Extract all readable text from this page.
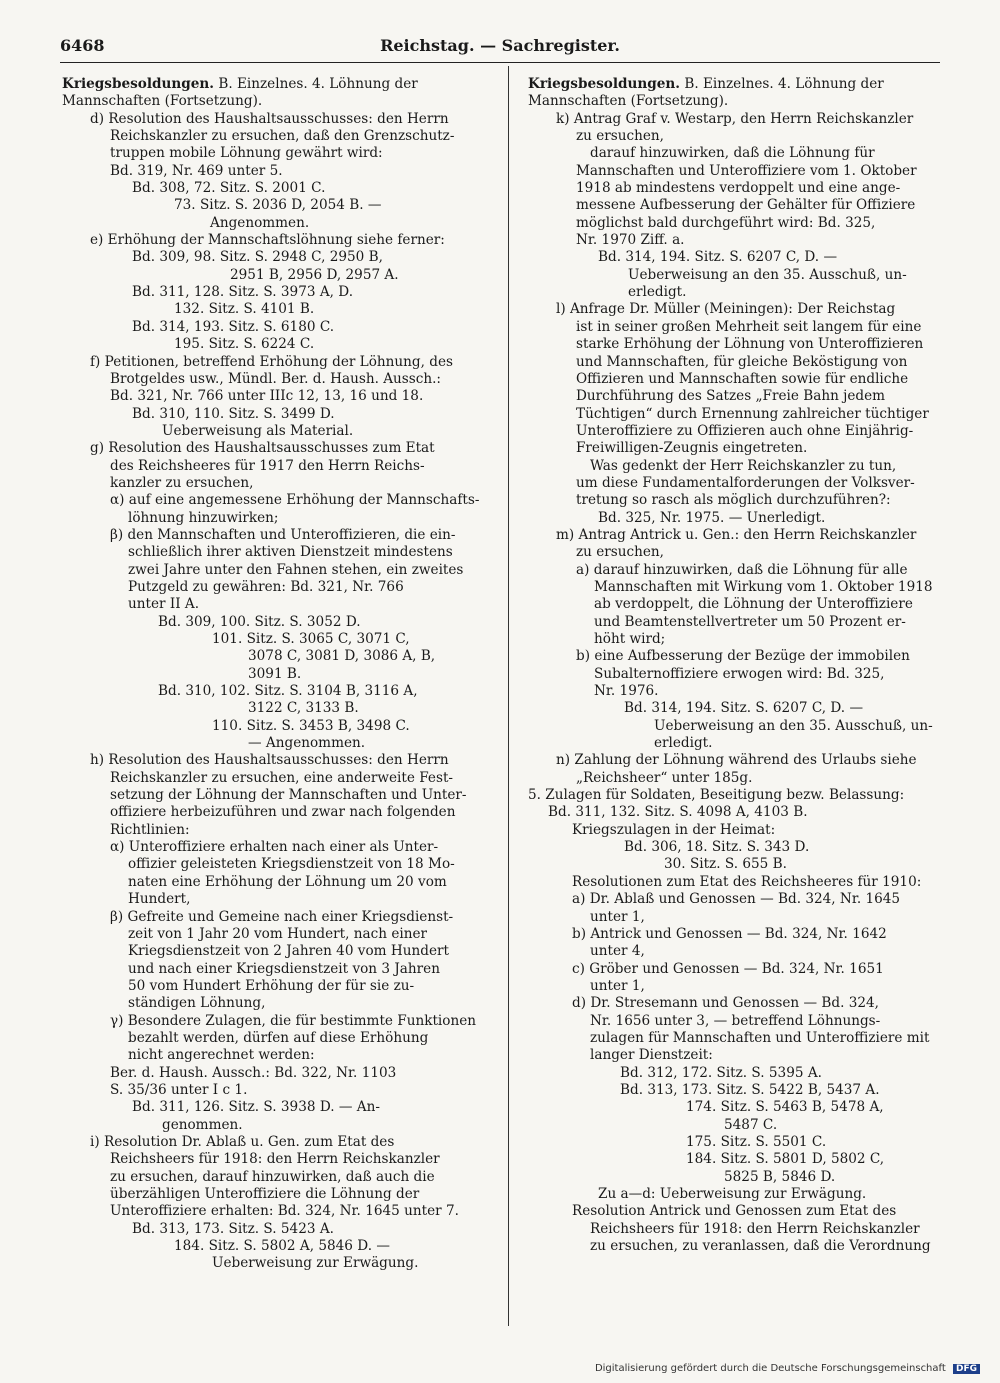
6468	Reichstag. — Sachregister.
Kriegsbesoldungen. B. Einzelnes. 4. Löhnung der
Mannschaften (Fortsetzung).
d) Resolution des Haushaltsausschusses: den Herrn
Reichskanzler zu ersuchen, daß den Grenzschutz-
truppen mobile Löhnung gewährt wird:
Bd. 319, Nr. 469 unter 5.
Bd. 308, 72. Sitz. S. 2001 C.
73. Sitz. S. 2036 D, 2054 B. —
Angenommen.
e) Erhöhung der Mannschaftslöhnung siehe ferner:
Bd. 309, 98. Sitz. S. 2948 C, 2950 B,
2951 B, 2956 D, 2957 A.
Bd. 311, 128. Sitz. S. 3973 A, D.
132. Sitz. S. 4101 B.
Bd. 314, 193. Sitz. S. 6180 C.
195. Sitz. S. 6224 C.
f) Petitionen, betreffend Erhöhung der Löhnung, des
Brotgeldes usw., Mündl. Ber. d. Haush. Aussch.:
Bd. 321, Nr. 766 unter IIIc 12, 13, 16 und 18.
Bd. 310, 110. Sitz. S. 3499 D.
Ueberweisung als Material.
g) Resolution des Haushaltsausschusses zum Etat
des Reichsheeres für 1917 den Herrn Reichs-
kanzler zu ersuchen,
α) auf eine angemessene Erhöhung der Mannschafts-
löhnung hinzuwirken;
β) den Mannschaften und Unteroffizieren, die ein-
schließlich ihrer aktiven Dienstzeit mindestens
zwei Jahre unter den Fahnen stehen, ein zweites
Putzgeld zu gewähren: Bd. 321, Nr. 766
unter II A.
Bd. 309, 100. Sitz. S. 3052 D.
101. Sitz. S. 3065 C, 3071 C,
3078 C, 3081 D, 3086 A, B,
3091 B.
Bd. 310, 102. Sitz. S. 3104 B, 3116 A,
3122 C, 3133 B.
110. Sitz. S. 3453 B, 3498 C.
— Angenommen.
h) Resolution des Haushaltsausschusses: den Herrn
Reichskanzler zu ersuchen, eine anderweite Fest-
setzung der Löhnung der Mannschaften und Unter-
offiziere herbeizuführen und zwar nach folgenden
Richtlinien:
α) Unteroffiziere erhalten nach einer als Unter-
offizier geleisteten Kriegsdienstzeit von 18 Mo-
naten eine Erhöhung der Löhnung um 20 vom
Hundert,
β) Gefreite und Gemeine nach einer Kriegsdienst-
zeit von 1 Jahr 20 vom Hundert, nach einer
Kriegsdienstzeit von 2 Jahren 40 vom Hundert
und nach einer Kriegsdienstzeit von 3 Jahren
50 vom Hundert Erhöhung der für sie zu-
ständigen Löhnung,
γ) Besondere Zulagen, die für bestimmte Funktionen
bezahlt werden, dürfen auf diese Erhöhung
nicht angerechnet werden:
Ber. d. Haush. Aussch.: Bd. 322, Nr. 1103
S. 35/36 unter I c 1.
Bd. 311, 126. Sitz. S. 3938 D. — An-
genommen.
i) Resolution Dr. Ablaß u. Gen. zum Etat des
Reichsheers für 1918: den Herrn Reichskanzler
zu ersuchen, darauf hinzuwirken, daß auch die
überzähligen Unteroffiziere die Löhnung der
Unteroffiziere erhalten: Bd. 324, Nr. 1645 unter 7.
Bd. 313, 173. Sitz. S. 5423 A.
184. Sitz. S. 5802 A, 5846 D. —
Ueberweisung zur Erwägung.
Kriegsbesoldungen. B. Einzelnes. 4. Löhnung der
Mannschaften (Fortsetzung).
k) Antrag Graf v. Westarp, den Herrn Reichskanzler
zu ersuchen,
darauf hinzuwirken, daß die Löhnung für
Mannschaften und Unteroffiziere vom 1. Oktober
1918 ab mindestens verdoppelt und eine ange-
messene Aufbesserung der Gehälter für Offiziere
möglichst bald durchgeführt wird: Bd. 325,
Nr. 1970 Ziff. a.
Bd. 314, 194. Sitz. S. 6207 C, D. —
Ueberweisung an den 35. Ausschuß, un-
erledigt.
l) Anfrage Dr. Müller (Meiningen): Der Reichstag
ist in seiner großen Mehrheit seit langem für eine
starke Erhöhung der Löhnung von Unteroffizieren
und Mannschaften, für gleiche Beköstigung von
Offizieren und Mannschaften sowie für endliche
Durchführung des Satzes „Freie Bahn jedem
Tüchtigen“ durch Ernennung zahlreicher tüchtiger
Unteroffiziere zu Offizieren auch ohne Einjährig-
Freiwilligen-Zeugnis eingetreten.
Was gedenkt der Herr Reichskanzler zu tun,
um diese Fundamentalforderungen der Volksver-
tretung so rasch als möglich durchzuführen?:
Bd. 325, Nr. 1975. — Unerledigt.
m) Antrag Antrick u. Gen.: den Herrn Reichskanzler
zu ersuchen,
a) darauf hinzuwirken, daß die Löhnung für alle
Mannschaften mit Wirkung vom 1. Oktober 1918
ab verdoppelt, die Löhnung der Unteroffiziere
und Beamtenstellvertreter um 50 Prozent er-
höht wird;
b) eine Aufbesserung der Bezüge der immobilen
Subalternoffiziere erwogen wird: Bd. 325,
Nr. 1976.
Bd. 314, 194. Sitz. S. 6207 C, D. —
Ueberweisung an den 35. Ausschuß, un-
erledigt.
n) Zahlung der Löhnung während des Urlaubs siehe
„Reichsheer“ unter 185g.
5. Zulagen für Soldaten, Beseitigung bezw. Belassung:
Bd. 311, 132. Sitz. S. 4098 A, 4103 B.
Kriegszulagen in der Heimat:
Bd. 306, 18. Sitz. S. 343 D.
30. Sitz. S. 655 B.
Resolutionen zum Etat des Reichsheeres für 1910:
a) Dr. Ablaß und Genossen — Bd. 324, Nr. 1645
unter 1,
b) Antrick und Genossen — Bd. 324, Nr. 1642
unter 4,
c) Gröber und Genossen — Bd. 324, Nr. 1651
unter 1,
d) Dr. Stresemann und Genossen — Bd. 324,
Nr. 1656 unter 3, — betreffend Löhnungs-
zulagen für Mannschaften und Unteroffiziere mit
langer Dienstzeit:
Bd. 312, 172. Sitz. S. 5395 A.
Bd. 313, 173. Sitz. S. 5422 B, 5437 A.
174. Sitz. S. 5463 B, 5478 A,
5487 C.
175. Sitz. S. 5501 C.
184. Sitz. S. 5801 D, 5802 C,
5825 B, 5846 D.
Zu a—d: Ueberweisung zur Erwägung.
Resolution Antrick und Genossen zum Etat des
Reichsheers für 1918: den Herrn Reichskanzler
zu ersuchen, zu veranlassen, daß die Verordnung
Digitalisierung gefördert durch die Deutsche Forschungsgemeinschaft DFG
